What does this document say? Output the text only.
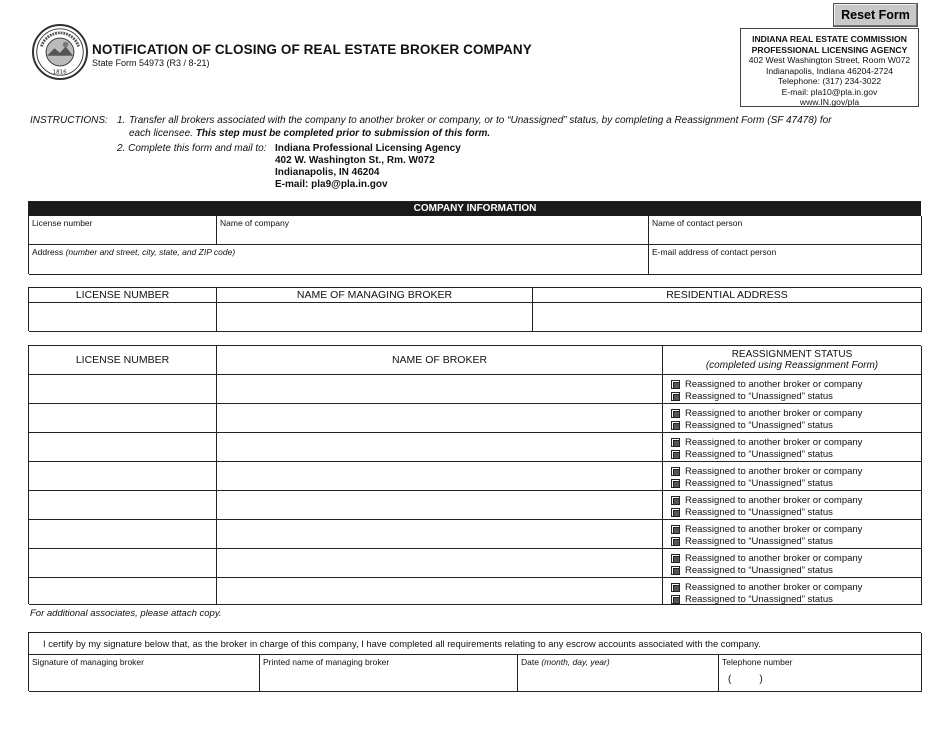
1816
NOTIFICATION OF CLOSING OF REAL ESTATE BROKER COMPANY
State Form 54973 (R3 / 8-21)
Reset Form
INDIANA REAL ESTATE COMMISSION
PROFESSIONAL LICENSING AGENCY
402 West Washington Street, Room W072
Indianapolis, Indiana 46204-2724
Telephone: (317) 234-3022
E-mail: pla10@pla.in.gov
www.IN.gov/pla
INSTRUCTIONS: 1. Transfer all brokers associated with the company to another broker or company, or to “Unassigned” status, by completing a Reassignment Form (SF 47478) for each licensee. This step must be completed prior to submission of this form.
2. Complete this form and mail to: Indiana Professional Licensing Agency
402 W. Washington St., Rm. W072
Indianapolis, IN 46204
E-mail: pla9@pla.in.gov
COMPANY INFORMATION
License number	Name of company	Name of contact person
Address (number and street, city, state, and ZIP code)	E-mail address of contact person
LICENSE NUMBER	NAME OF MANAGING BROKER	RESIDENTIAL ADDRESS
LICENSE NUMBER	NAME OF BROKER	REASSIGNMENT STATUS
(completed using Reassignment Form)
Reassigned to another broker or company
Reassigned to “Unassigned” status
Reassigned to another broker or company
Reassigned to “Unassigned” status
Reassigned to another broker or company
Reassigned to “Unassigned” status
Reassigned to another broker or company
Reassigned to “Unassigned” status
Reassigned to another broker or company
Reassigned to “Unassigned” status
Reassigned to another broker or company
Reassigned to “Unassigned” status
Reassigned to another broker or company
Reassigned to “Unassigned” status
Reassigned to another broker or company
Reassigned to “Unassigned” status
For additional associates, please attach copy.
I certify by my signature below that, as the broker in charge of this company, I have completed all requirements relating to any escrow accounts associated with the company.
Signature of managing broker	Printed name of managing broker	Date (month, day, year)	Telephone number
(	)
